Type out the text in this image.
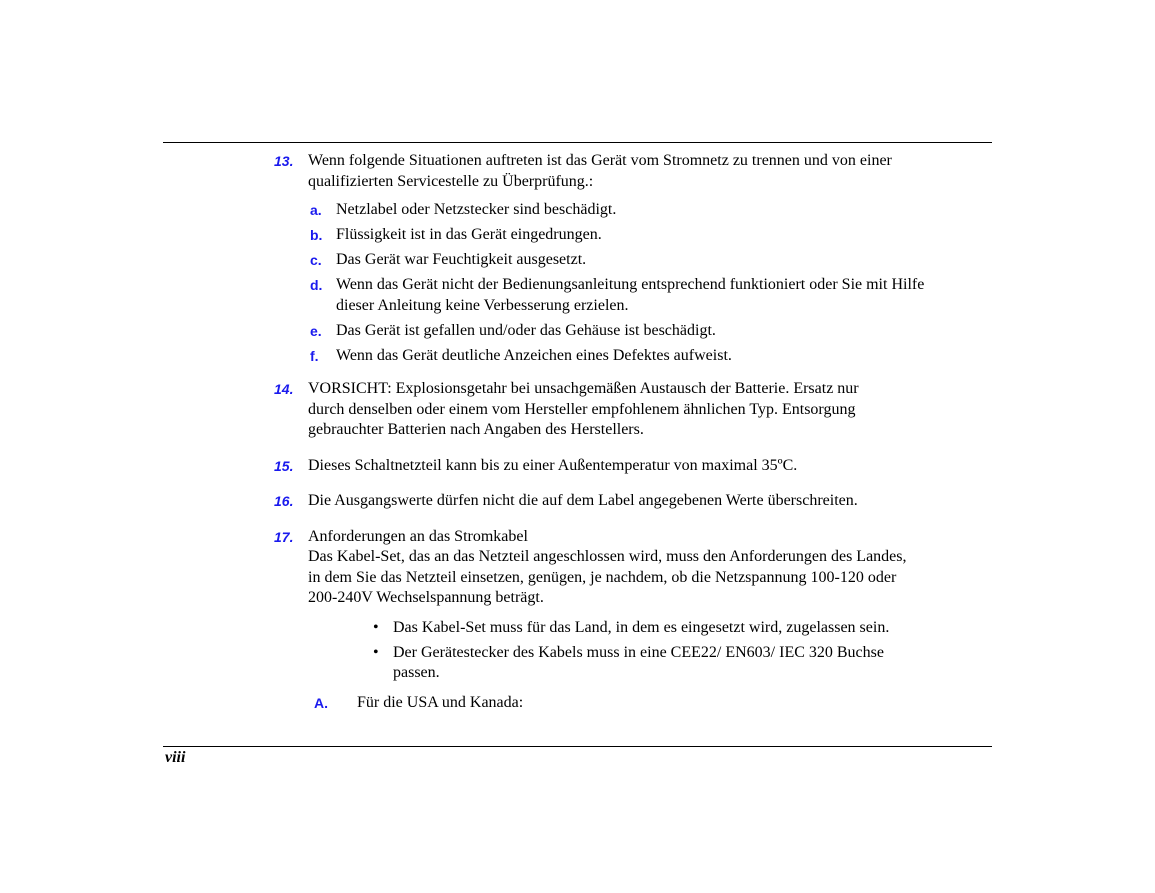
13. Wenn folgende Situationen auftreten ist das Gerät vom Stromnetz zu trennen und von einer
qualifizierten Servicestelle zu Überprüfung.:
a. Netzlabel oder Netzstecker sind beschädigt.
b. Flüssigkeit ist in das Gerät eingedrungen.
c. Das Gerät war Feuchtigkeit ausgesetzt.
d. Wenn das Gerät nicht der Bedienungsanleitung entsprechend funktioniert oder Sie mit Hilfe
dieser Anleitung keine Verbesserung erzielen.
e. Das Gerät ist gefallen und/oder das Gehäuse ist beschädigt.
f. Wenn das Gerät deutliche Anzeichen eines Defektes aufweist.
14. VORSICHT: Explosionsgetahr bei unsachgemäßen Austausch der Batterie. Ersatz nur
durch denselben oder einem vom Hersteller empfohlenem ähnlichen Typ. Entsorgung
gebrauchter Batterien nach Angaben des Herstellers.
15. Dieses Schaltnetzteil kann bis zu einer Außentemperatur von maximal 35ºC.
16. Die Ausgangswerte dürfen nicht die auf dem Label angegebenen Werte überschreiten.
17. Anforderungen an das Stromkabel
Das Kabel-Set, das an das Netzteil angeschlossen wird, muss den Anforderungen des Landes,
in dem Sie das Netzteil einsetzen, genügen, je nachdem, ob die Netzspannung 100-120 oder
200-240V Wechselspannung beträgt.
• Das Kabel-Set muss für das Land, in dem es eingesetzt wird, zugelassen sein.
• Der Gerätestecker des Kabels muss in eine CEE22/ EN603/ IEC 320 Buchse
passen.
A. Für die USA und Kanada:
viii
